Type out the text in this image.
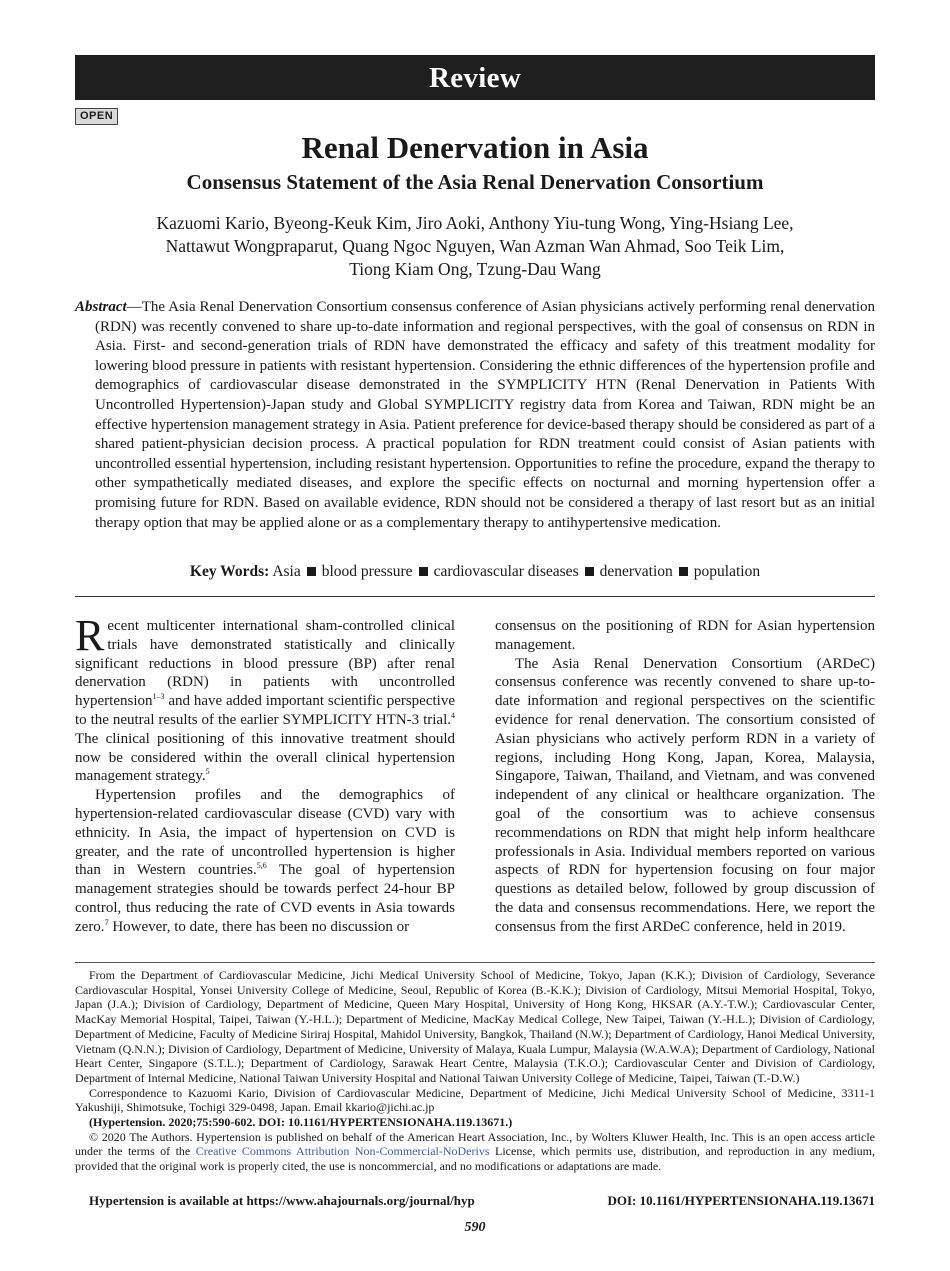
Review
OPEN
Renal Denervation in Asia
Consensus Statement of the Asia Renal Denervation Consortium
Kazuomi Kario, Byeong-Keuk Kim, Jiro Aoki, Anthony Yiu-tung Wong, Ying-Hsiang Lee,
Nattawut Wongpraparut, Quang Ngoc Nguyen, Wan Azman Wan Ahmad, Soo Teik Lim,
Tiong Kiam Ong, Tzung-Dau Wang
Abstract—The Asia Renal Denervation Consortium consensus conference of Asian physicians actively performing renal denervation (RDN) was recently convened to share up-to-date information and regional perspectives, with the goal of consensus on RDN in Asia. First- and second-generation trials of RDN have demonstrated the efficacy and safety of this treatment modality for lowering blood pressure in patients with resistant hypertension. Considering the ethnic differences of the hypertension profile and demographics of cardiovascular disease demonstrated in the SYMPLICITY HTN (Renal Denervation in Patients With Uncontrolled Hypertension)-Japan study and Global SYMPLICITY registry data from Korea and Taiwan, RDN might be an effective hypertension management strategy in Asia. Patient preference for device-based therapy should be considered as part of a shared patient-physician decision process. A practical population for RDN treatment could consist of Asian patients with uncontrolled essential hypertension, including resistant hypertension. Opportunities to refine the procedure, expand the therapy to other sympathetically mediated diseases, and explore the specific effects on nocturnal and morning hypertension offer a promising future for RDN. Based on available evidence, RDN should not be considered a therapy of last resort but as an initial therapy option that may be applied alone or as a complementary therapy to antihypertensive medication.
Key Words: Asia blood pressure cardiovascular diseases denervation population

Recent multicenter international sham-controlled clinical trials have demonstrated statistically and clinically significant reductions in blood pressure (BP) after renal denervation (RDN) in patients with uncontrolled hypertension$^{1-3}$ and have added important scientific perspective to the neutral results of the earlier SYMPLICITY HTN-3 trial.$^4$ The clinical positioning of this innovative treatment should now be considered within the overall clinical hypertension management strategy.$^5$

Hypertension profiles and the demographics of hypertension-related cardiovascular disease (CVD) vary with ethnicity. In Asia, the impact of hypertension on CVD is greater, and the rate of uncontrolled hypertension is higher than in Western countries.$^{5,6}$ The goal of hypertension management strategies should be towards perfect 24-hour BP control, thus reducing the rate of CVD events in Asia towards zero.$^7$ However, to date, there has been no discussion or

consensus on the positioning of RDN for Asian hypertension management.

The Asia Renal Denervation Consortium (ARDeC) consensus conference was recently convened to share up-to-date information and regional perspectives on the scientific evidence for renal denervation. The consortium consisted of Asian physicians who actively perform RDN in a variety of regions, including Hong Kong, Japan, Korea, Malaysia, Singapore, Taiwan, Thailand, and Vietnam, and was convened independent of any clinical or healthcare organization. The goal of the consortium was to achieve consensus recommendations on RDN that might help inform healthcare professionals in Asia. Individual members reported on various aspects of RDN for hypertension focusing on four major questions as detailed below, followed by group discussion of the data and consensus recommendations. Here, we report the consensus from the first ARDeC conference, held in 2019.

From the Department of Cardiovascular Medicine, Jichi Medical University School of Medicine, Tokyo, Japan (K.K.); Division of Cardiology, Severance Cardiovascular Hospital, Yonsei University College of Medicine, Seoul, Republic of Korea (B.-K.K.); Division of Cardiology, Mitsui Memorial Hospital, Tokyo, Japan (J.A.); Division of Cardiology, Department of Medicine, Queen Mary Hospital, University of Hong Kong, HKSAR (A.Y.-T.W.); Cardiovascular Center, MacKay Memorial Hospital, Taipei, Taiwan (Y.-H.L.); Department of Medicine, MacKay Medical College, New Taipei, Taiwan (Y.-H.L.); Division of Cardiology, Department of Medicine, Faculty of Medicine Siriraj Hospital, Mahidol University, Bangkok, Thailand (N.W.); Department of Cardiology, Hanoi Medical University, Vietnam (Q.N.N.); Division of Cardiology, Department of Medicine, University of Malaya, Kuala Lumpur, Malaysia (W.A.W.A); Department of Cardiology, National Heart Center, Singapore (S.T.L.); Department of Cardiology, Sarawak Heart Centre, Malaysia (T.K.O.); Cardiovascular Center and Division of Cardiology, Department of Internal Medicine, National Taiwan University Hospital and National Taiwan University College of Medicine, Taipei, Taiwan (T.-D.W.)

Correspondence to Kazuomi Kario, Division of Cardiovascular Medicine, Department of Medicine, Jichi Medical University School of Medicine, 3311-1 Yakushiji, Shimotsuke, Tochigi 329-0498, Japan. Email kkario@jichi.ac.jp

(Hypertension. 2020;75:590-602. DOI: 10.1161/HYPERTENSIONAHA.119.13671.)

© 2020 The Authors. Hypertension is published on behalf of the American Heart Association, Inc., by Wolters Kluwer Health, Inc. This is an open access article under the terms of the Creative Commons Attribution Non-Commercial-NoDerivs License, which permits use, distribution, and reproduction in any medium, provided that the original work is properly cited, the use is noncommercial, and no modifications or adaptations are made.

Hypertension is available at https://www.ahajournals.org/journal/hyp	DOI: 10.1161/HYPERTENSIONAHA.119.13671
590
